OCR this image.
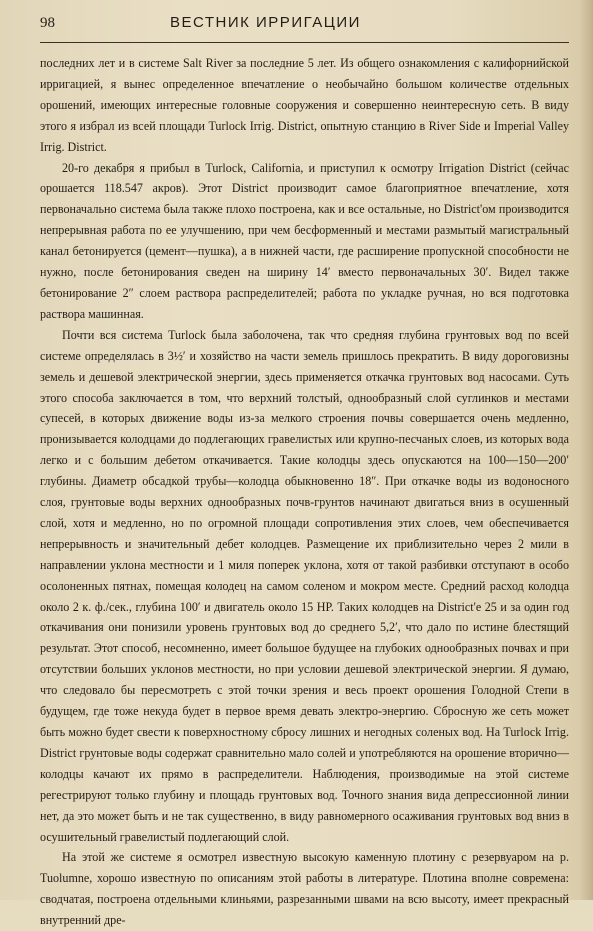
98	ВЕСТНИК ИРРИГАЦИИ

последних лет и в системе Salt River за последние 5 лет. Из общего ознакомления с калифорнийской ирригацией, я вынес определенное впечатление о необычайно большом количестве отдельных орошений, имеющих интересные головные сооружения и совершенно неинтересную сеть. В виду этого я избрал из всей площади Turlock Irrig. District, опытную станцию в River Side и Imperial Valley Irrig. District.

20-го декабря я прибыл в Turlock, California, и приступил к осмотру Irrigation District (сейчас орошается 118.547 акров). Этот District производит самое благоприятное впечатление, хотя первоначально система была также плохо построена, как и все остальные, но District'ом производится непрерывная работа по ее улучшению, при чем бесформенный и местами размытый магистральный канал бетонируется (цемент—пушка), а в нижней части, где расширение пропускной способности не нужно, после бетонирования сведен на ширину 14′ вместо первоначальных 30′. Видел также бетонирование 2″ слоем раствора распределителей; работа по укладке ручная, но вся подготовка раствора машинная.

Почти вся система Turlock была заболочена, так что средняя глубина грунтовых вод по всей системе определялась в 3½′ и хозяйство на части земель пришлось прекратить. В виду дороговизны земель и дешевой электрической энергии, здесь применяется откачка грунтовых вод насосами. Суть этого способа заключается в том, что верхний толстый, однообразный слой суглинков и местами супесей, в которых движение воды из-за мелкого строения почвы совершается очень медленно, пронизывается колодцами до подлегающих гравелистых или крупно-песчаных слоев, из которых вода легко и с большим дебетом откачивается. Такие колодцы здесь опускаются на 100—150—200′ глубины. Диаметр обсадкой трубы—колодца обыкновенно 18″. При откачке воды из водоносного слоя, грунтовые воды верхних однообразных почв-грунтов начинают двигаться вниз в осушенный слой, хотя и медленно, но по огромной площади сопротивления этих слоев, чем обеспечивается непрерывность и значительный дебет колодцев. Размещение их приблизительно через 2 мили в направлении уклона местности и 1 миля поперек уклона, хотя от такой разбивки отступают в особо осолоненных пятнах, помещая колодец на самом соленом и мокром месте. Средний расход колодца около 2 к. ф./сек., глубина 100′ и двигатель около 15 HP. Таких колодцев на District'е 25 и за один год откачивания они понизили уровень грунтовых вод до среднего 5,2′, что дало по истине блестящий результат. Этот способ, несомненно, имеет большое будущее на глубоких однообразных почвах и при отсутствии больших уклонов местности, но при условии дешевой электрической энергии. Я думаю, что следовало бы пересмотреть с этой точки зрения и весь проект орошения Голодной Степи в будущем, где тоже некуда будет в первое время девать электро-энергию. Сбросную же сеть может быть можно будет свести к поверхностному сбросу лишних и негодных соленых вод. На Turlock Irrig. District грунтовые воды содержат сравнительно мало солей и употребляются на орошение вторично—колодцы качают их прямо в распределители. Наблюдения, производимые на этой системе регестрируют только глубину и площадь грунтовых вод. Точного знания вида депрессионной линии нет, да это может быть и не так существенно, в виду равномерного осаживания грунтовых вод вниз в осушительный гравелистый подлегающий слой.

На этой же системе я осмотрел известную высокую каменную плотину с резервуаром на р. Tuolumne, хорошо известную по описаниям этой работы в литературе. Плотина вполне современа: сводчатая, построена отдельными клиньями, разрезанными швами на всю высоту, имеет прекрасный внутренний дре-
